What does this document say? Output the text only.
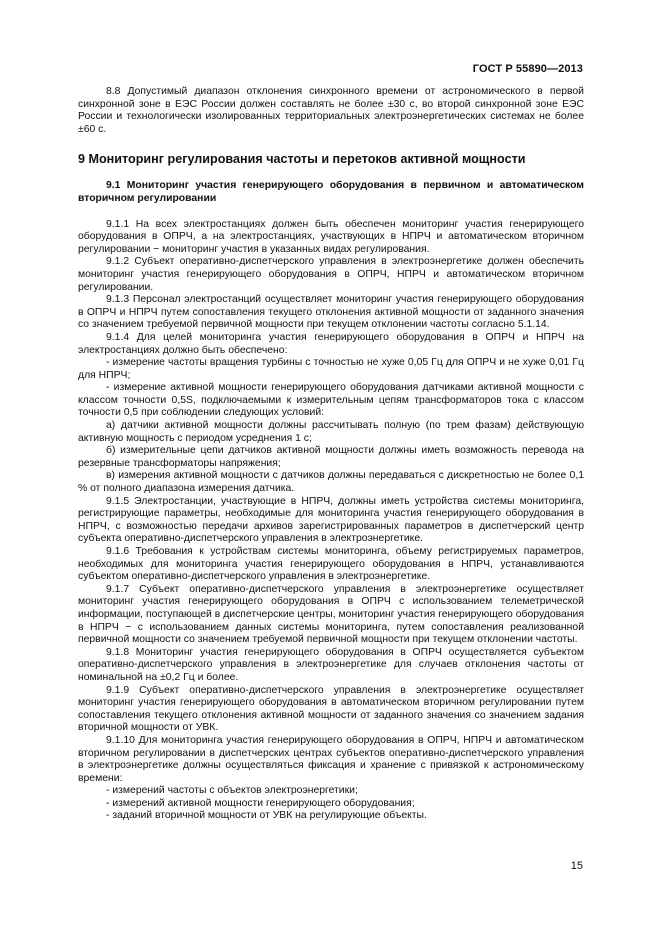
ГОСТ Р 55890—2013

8.8 Допустимый диапазон отклонения синхронного времени от астрономического в первой синхронной зоне в ЕЭС России должен составлять не более ±30 с, во второй синхронной зоне ЕЭС России и технологически изолированных территориальных электроэнергетических системах не более ±60 с.

9 Мониторинг регулирования частоты и перетоков активной мощности

9.1 Мониторинг участия генерирующего оборудования в первичном и автоматическом вторичном регулировании

9.1.1 На всех электростанциях должен быть обеспечен мониторинг участия генерирующего оборудования в ОПРЧ, а на электростанциях, участвующих в НПРЧ и автоматическом вторичном регулировании − мониторинг участия в указанных видах регулирования.

9.1.2 Субъект оперативно-диспетчерского управления в электроэнергетике должен обеспечить мониторинг участия генерирующего оборудования в ОПРЧ, НПРЧ и автоматическом вторичном регулировании.

9.1.3 Персонал электростанций осуществляет мониторинг участия генерирующего оборудования в ОПРЧ и НПРЧ путем сопоставления текущего отклонения активной мощности от заданного значения со значением требуемой первичной мощности при текущем отклонении частоты согласно 5.1.14.

9.1.4 Для целей мониторинга участия генерирующего оборудования в ОПРЧ и НПРЧ на электростанциях должно быть обеспечено:

- измерение частоты вращения турбины с точностью не хуже 0,05 Гц для ОПРЧ и не хуже 0,01 Гц для НПРЧ;

- измерение активной мощности генерирующего оборудования датчиками активной мощности с классом точности 0,5S, подключаемыми к измерительным цепям трансформаторов тока с классом точности 0,5 при соблюдении следующих условий:

а) датчики активной мощности должны рассчитывать полную (по трем фазам) действующую активную мощность с периодом усреднения 1 с;

б) измерительные цепи датчиков активной мощности должны иметь возможность перевода на резервные трансформаторы напряжения;

в) измерения активной мощности с датчиков должны передаваться с дискретностью не более 0,1 % от полного диапазона измерения датчика.

9.1.5 Электростанции, участвующие в НПРЧ, должны иметь устройства системы мониторинга, регистрирующие параметры, необходимые для мониторинга участия генерирующего оборудования в НПРЧ, с возможностью передачи архивов зарегистрированных параметров в диспетчерский центр субъекта оперативно-диспетчерского управления в электроэнергетике.

9.1.6 Требования к устройствам системы мониторинга, объему регистрируемых параметров, необходимых для мониторинга участия генерирующего оборудования в НПРЧ, устанавливаются субъектом оперативно-диспетчерского управления в электроэнергетике.

9.1.7 Субъект оперативно-диспетчерского управления в электроэнергетике осуществляет мониторинг участия генерирующего оборудования в ОПРЧ с использованием телеметрической информации, поступающей в диспетчерские центры, мониторинг участия генерирующего оборудования в НПРЧ − с использованием данных системы мониторинга, путем сопоставления реализованной первичной мощности со значением требуемой первичной мощности при текущем отклонении частоты.

9.1.8 Мониторинг участия генерирующего оборудования в ОПРЧ осуществляется субъектом оперативно-диспетчерского управления в электроэнергетике для случаев отклонения частоты от номинальной на ±0,2 Гц и более.

9.1.9 Субъект оперативно-диспетчерского управления в электроэнергетике осуществляет мониторинг участия генерирующего оборудования в автоматическом вторичном регулировании путем сопоставления текущего отклонения активной мощности от заданного значения со значением задания вторичной мощности от УВК.

9.1.10 Для мониторинга участия генерирующего оборудования в ОПРЧ, НПРЧ и автоматическом вторичном регулировании в диспетчерских центрах субъектов оперативно-диспетчерского управления в электроэнергетике должны осуществляться фиксация и хранение с привязкой к астрономическому времени:

- измерений частоты с объектов электроэнергетики;

- измерений активной мощности генерирующего оборудования;

- заданий вторичной мощности от УВК на регулирующие объекты.

15
